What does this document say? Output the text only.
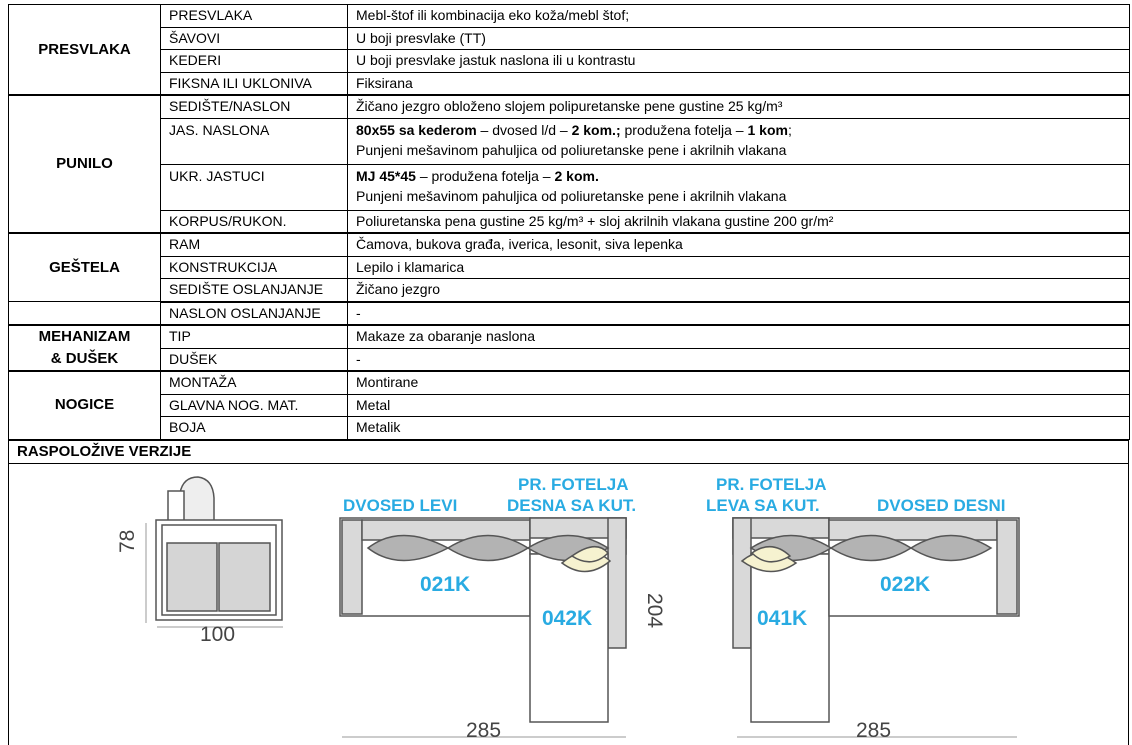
PRESVLAKA	PRESVLAKA	Mebl-štof ili kombinacija eko koža/mebl štof;
	ŠAVOVI	U boji presvlake (TT)
	KEDERI	U boji presvlake jastuk naslona ili u kontrastu
	FIKSNA ILI UKLONIVA	Fiksirana
PUNILO	SEDIŠTE/NASLON	Žičano jezgro obloženo slojem polipuretanske pene gustine 25 kg/m³
	JAS. NASLONA	80x55 sa kederom – dvosed l/d – 2 kom.; produžena fotelja – 1 kom;
Punjeni mešavinom pahuljica od poliuretanske pene i akrilnih vlakana

	UKR. JASTUCI	MJ 45*45 – produžena fotelja – 2 kom.
Punjeni mešavinom pahuljica od poliuretanske pene i akrilnih vlakana

	KORPUS/RUKON.	Poliuretanska pena gustine 25 kg/m³ + sloj akrilnih vlakana gustine 200 gr/m²
GEŠTELA	RAM	Čamova, bukova građa, iverica, lesonit, siva lepenka
	KONSTRUKCIJA	Lepilo i klamarica
	SEDIŠTE OSLANJANJE	Žičano jezgro
	NASLON OSLANJANJE	-

MEHANIZAM
& DUŠEK	TIP	Makaze za obaranje naslona
	DUŠEK	-
NOGICE	MONTAŽA	Montirane
	GLAVNA NOG. MAT.	Metal
	BOJA	Metalik
RASPOLOŽIVE VERZIJE
78
100
DVOSED LEVI
PR. FOTELJA
DESNA SA KUT.
021K
042K 204
285
PR. FOTELJA
LEVA SA KUT.	DVOSED DESNI
041K
022K
285
